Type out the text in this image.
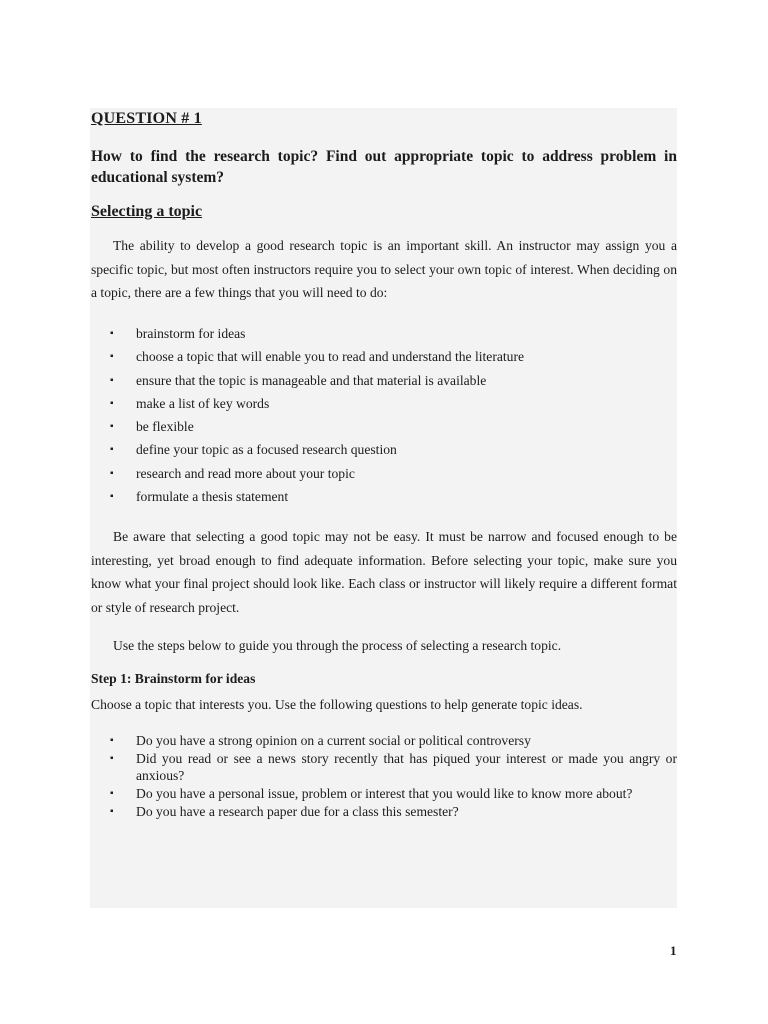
QUESTION # 1
How to find the research topic? Find out appropriate topic to address problem in educational system?
Selecting a topic

The ability to develop a good research topic is an important skill. An instructor may assign you a specific topic, but most often instructors require you to select your own topic of interest. When deciding on a topic, there are a few things that you will need to do:

▪	brainstorm for ideas
▪	choose a topic that will enable you to read and understand the literature
▪	ensure that the topic is manageable and that material is available
▪	make a list of key words
▪	be flexible
▪	define your topic as a focused research question
▪	research and read more about your topic
▪	formulate a thesis statement

Be aware that selecting a good topic may not be easy. It must be narrow and focused enough to be interesting, yet broad enough to find adequate information. Before selecting your topic, make sure you know what your final project should look like. Each class or instructor will likely require a different format or style of research project.

Use the steps below to guide you through the process of selecting a research topic.

Step 1: Brainstorm for ideas

Choose a topic that interests you. Use the following questions to help generate topic ideas.

▪	Do you have a strong opinion on a current social or political controversy
▪	Did you read or see a news story recently that has piqued your interest or made you angry or anxious?
▪	Do you have a personal issue, problem or interest that you would like to know more about?
▪	Do you have a research paper due for a class this semester?
1
